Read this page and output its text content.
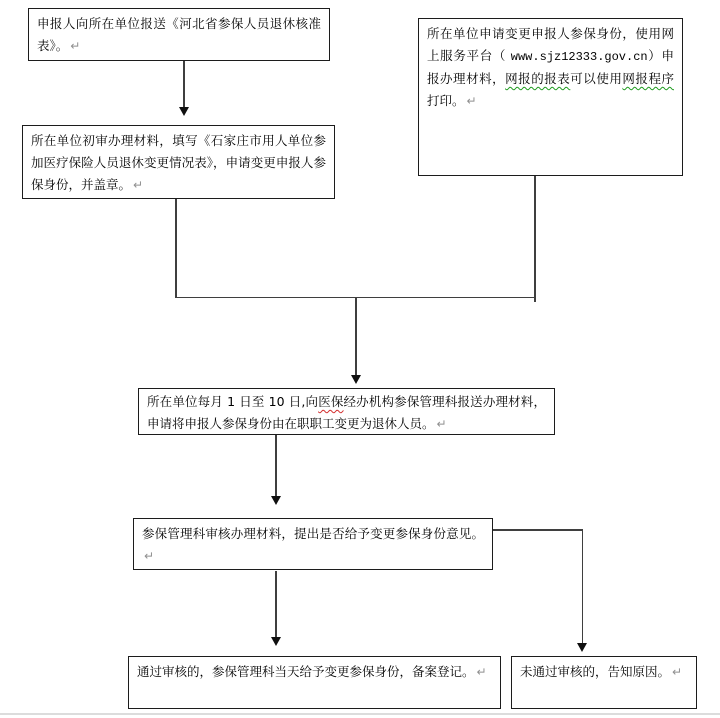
申报人向所在单位报送《河北省参保人员退休核准表》。 ↵
所在单位申请变更申报人参保身份，使用网上服务平台（ www.sjz12333.gov.cn）申报办理材料，网报的报表可以使用网报程序打印。 ↵
所在单位初审办理材料，填写《石家庄市用人单位参加医疗保险人员退休变更情况表》，申请变更申报人参保身份，并盖章。 ↵
所在单位每月 1 日至 10 日,向医保经办机构参保管理科报送办理材料，申请将申报人参保身份由在职职工变更为退休人员。 ↵
参保管理科审核办理材料，提出是否给予变更参保身份意见。↵
通过审核的，参保管理科当天给予变更参保身份，备案登记。 ↵	未通过审核的，告知原因。 ↵
